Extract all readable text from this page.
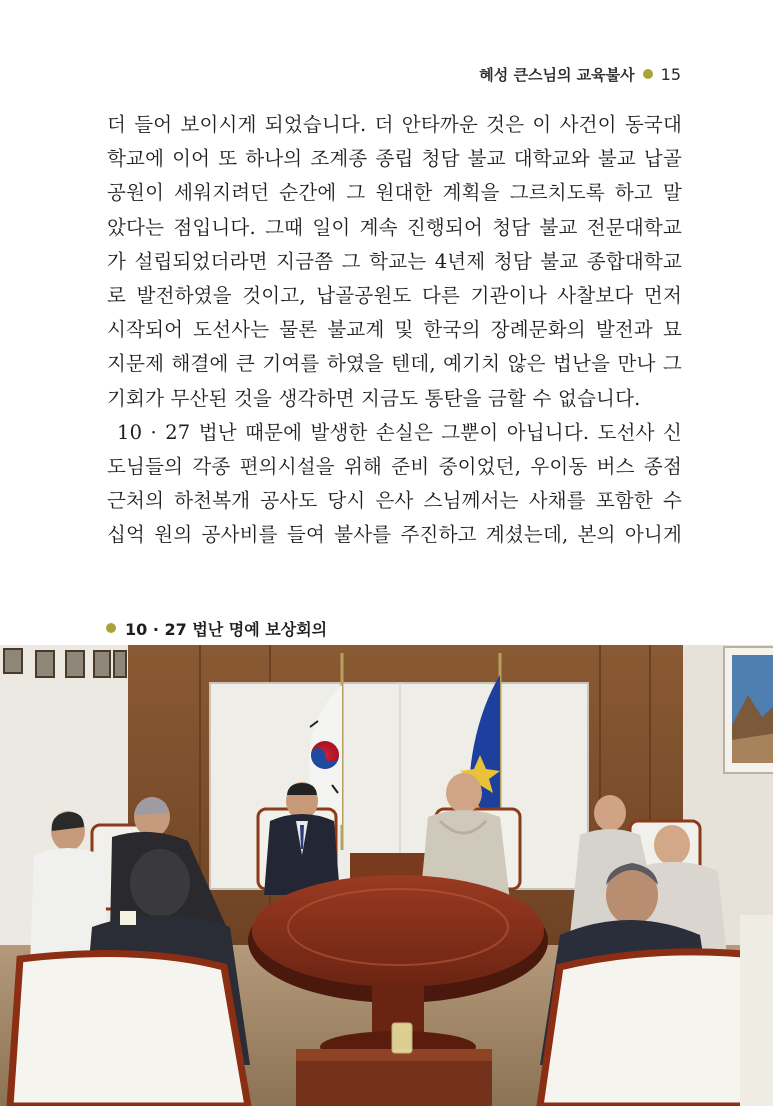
혜성 큰스님의 교육불사 15
더 들어 보이시게 되었습니다. 더 안타까운 것은 이 사건이 동국대
학교에 이어 또 하나의 조계종 종립 청담 불교 대학교와 불교 납골
공원이 세워지려던 순간에 그 원대한 계획을 그르치도록 하고 말
았다는 점입니다. 그때 일이 계속 진행되어 청담 불교 전문대학교
가 설립되었더라면 지금쯤 그 학교는 4년제 청담 불교 종합대학교
로 발전하였을 것이고, 납골공원도 다른 기관이나 사찰보다 먼저
시작되어 도선사는 물론 불교계 및 한국의 장례문화의 발전과 묘
지문제 해결에 큰 기여를 하였을 텐데, 예기치 않은 법난을 만나 그
기회가 무산된 것을 생각하면 지금도 통탄을 금할 수 없습니다.
10 · 27 법난 때문에 발생한 손실은 그뿐이 아닙니다. 도선사 신
도님들의 각종 편의시설을 위해 준비 중이었던, 우이동 버스 종점
근처의 하천복개 공사도 당시 은사 스님께서는 사채를 포함한 수
십억 원의 공사비를 들여 불사를 주진하고 계셨는데, 본의 아니게
10 · 27 법난 명예 보상회의
